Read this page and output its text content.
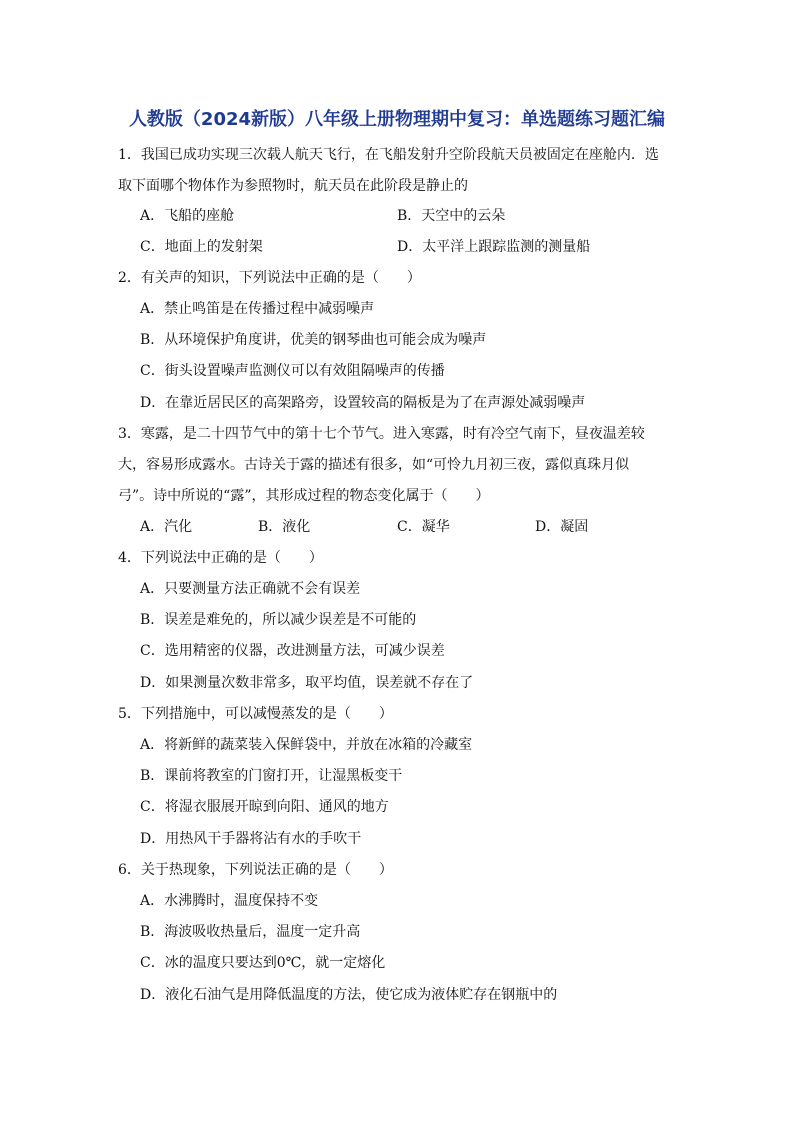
人教版（2024新版）八年级上册物理期中复习：单选题练习题汇编
1．我国已成功实现三次载人航天飞行，在飞船发射升空阶段航天员被固定在座舱内．选
取下面哪个物体作为参照物时，航天员在此阶段是静止的
A．飞船的座舱	B．天空中的云朵
C．地面上的发射架	D．太平洋上跟踪监测的测量船
2．有关声的知识，下列说法中正确的是（　　）
A．禁止鸣笛是在传播过程中减弱噪声
B．从环境保护角度讲，优美的钢琴曲也可能会成为噪声
C．街头设置噪声监测仪可以有效阻隔噪声的传播
D．在靠近居民区的高架路旁，设置较高的隔板是为了在声源处减弱噪声
3．寒露，是二十四节气中的第十七个节气。进入寒露，时有冷空气南下，昼夜温差较
大，容易形成露水。古诗关于露的描述有很多，如“可怜九月初三夜，露似真珠月似
弓”。诗中所说的“露”，其形成过程的物态变化属于（　　）
A．汽化	B．液化	C．凝华	D．凝固
4．下列说法中正确的是（　　）
A．只要测量方法正确就不会有误差
B．误差是难免的，所以减少误差是不可能的
C．选用精密的仪器，改进测量方法，可减少误差
D．如果测量次数非常多，取平均值，误差就不存在了
5．下列措施中，可以减慢蒸发的是（　　）
A．将新鲜的蔬菜装入保鲜袋中，并放在冰箱的冷藏室
B．课前将教室的门窗打开，让湿黑板变干
C．将湿衣服展开晾到向阳、通风的地方
D．用热风干手器将沾有水的手吹干
6．关于热现象，下列说法正确的是（　　）
A．水沸腾时，温度保持不变
B．海波吸收热量后，温度一定升高
C．冰的温度只要达到0℃，就一定熔化
D．液化石油气是用降低温度的方法，使它成为液体贮存在钢瓶中的
